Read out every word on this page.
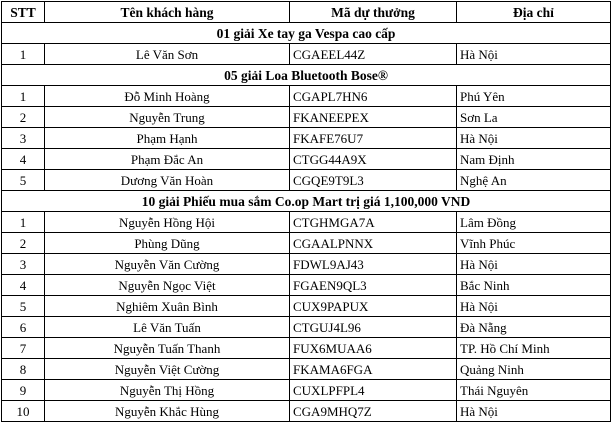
STT	Tên khách hàng	Mã dự thưởng	Địa chỉ
01 giải Xe tay ga Vespa cao cấp			
1	Lê Văn Sơn	CGAEEL44Z	Hà Nội
05 giải Loa Bluetooth Bose®			
1	Đỗ Minh Hoàng	CGAPL7HN6	Phú Yên
2	Nguyễn Trung	FKANEEPEX	Sơn La
3	Phạm Hạnh	FKAFE76U7	Hà Nội
4	Phạm Đắc An	CTGG44A9X	Nam Định
5	Dương Văn Hoàn	CGQE9T9L3	Nghệ An
10 giải Phiếu mua sắm Co.op Mart trị giá 1,100,000 VND			
1	Nguyễn Hồng Hội	CTGHMGA7A	Lâm Đồng
2	Phùng Dũng	CGAALPNNX	Vĩnh Phúc
3	Nguyễn Văn Cường	FDWL9AJ43	Hà Nội
4	Nguyễn Ngọc Việt	FGAEN9QL3	Bắc Ninh
5	Nghiêm Xuân Bình	CUX9PAPUX	Hà Nội
6	Lê Văn Tuấn	CTGUJ4L96	Đà Nẵng
7	Nguyễn Tuấn Thanh	FUX6MUAA6	TP. Hồ Chí Minh
8	Nguyễn Việt Cường	FKAMA6FGA	Quảng Ninh
9	Nguyễn Thị Hồng	CUXLPFPL4	Thái Nguyên
10	Nguyễn Khắc Hùng	CGA9MHQ7Z	Hà Nội
